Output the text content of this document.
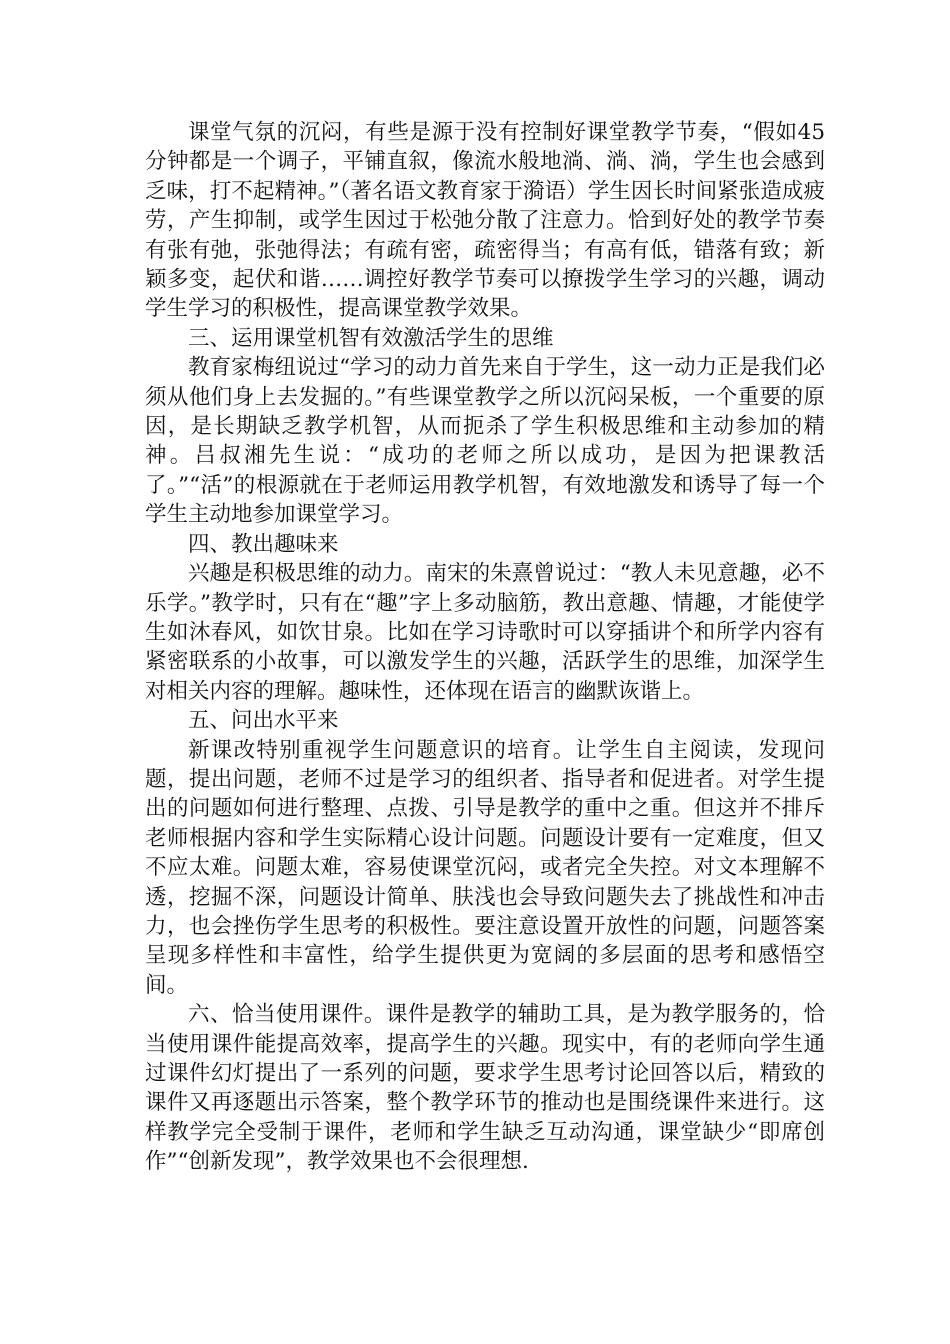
课堂气氛的沉闷，有些是源于没有控制好课堂教学节奏，“假如45分钟都是一个调子，平铺直叙，像流水般地淌、淌、淌，学生也会感到乏味，打不起精神。”（著名语文教育家于漪语）学生因长时间紧张造成疲劳，产生抑制，或学生因过于松弛分散了注意力。恰到好处的教学节奏有张有弛，张弛得法；有疏有密，疏密得当；有高有低，错落有致；新颖多变，起伏和谐……调控好教学节奏可以撩拨学生学习的兴趣，调动学生学习的积极性，提高课堂教学效果。

三、运用课堂机智有效激活学生的思维

教育家梅纽说过“学习的动力首先来自于学生，这一动力正是我们必须从他们身上去发掘的。”有些课堂教学之所以沉闷呆板，一个重要的原因，是长期缺乏教学机智，从而扼杀了学生积极思维和主动参加的精神。吕叔湘先生说：“成功的老师之所以成功，是因为把课教活了。”“活”的根源就在于老师运用教学机智，有效地激发和诱导了每一个学生主动地参加课堂学习。

四、教出趣味来

兴趣是积极思维的动力。南宋的朱熹曾说过：“教人未见意趣，必不乐学。”教学时，只有在“趣”字上多动脑筋，教出意趣、情趣，才能使学生如沐春风，如饮甘泉。比如在学习诗歌时可以穿插讲个和所学内容有紧密联系的小故事，可以激发学生的兴趣，活跃学生的思维，加深学生对相关内容的理解。趣味性，还体现在语言的幽默诙谐上。

五、问出水平来

新课改特别重视学生问题意识的培育。让学生自主阅读，发现问题，提出问题，老师不过是学习的组织者、指导者和促进者。对学生提出的问题如何进行整理、点拨、引导是教学的重中之重。但这并不排斥老师根据内容和学生实际精心设计问题。问题设计要有一定难度，但又不应太难。问题太难，容易使课堂沉闷，或者完全失控。对文本理解不透，挖掘不深，问题设计简单、肤浅也会导致问题失去了挑战性和冲击力，也会挫伤学生思考的积极性。要注意设置开放性的问题，问题答案呈现多样性和丰富性，给学生提供更为宽阔的多层面的思考和感悟空间。

六、恰当使用课件。课件是教学的辅助工具，是为教学服务的，恰当使用课件能提高效率，提高学生的兴趣。现实中，有的老师向学生通过课件幻灯提出了一系列的问题，要求学生思考讨论回答以后，精致的课件又再逐题出示答案，整个教学环节的推动也是围绕课件来进行。这样教学完全受制于课件，老师和学生缺乏互动沟通，课堂缺少“即席创作”“创新发现”，教学效果也不会很理想.
